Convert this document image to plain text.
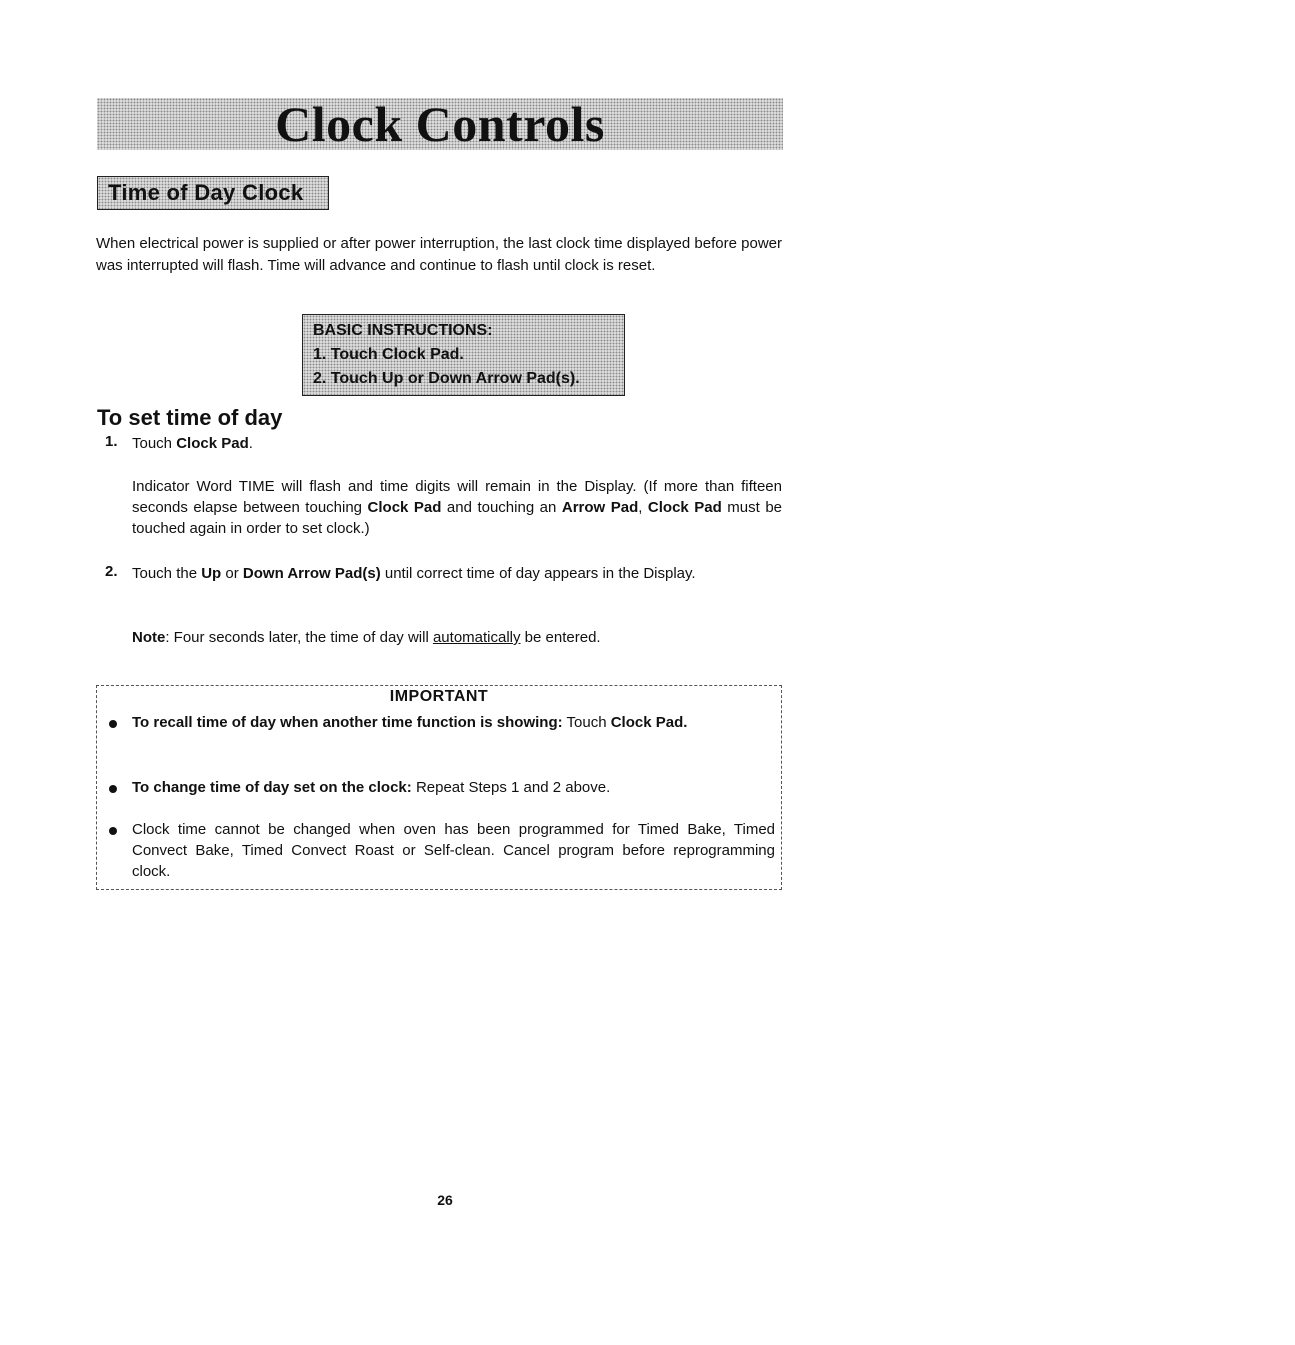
Clock Controls
Time of Day Clock

When electrical power is supplied or after power interruption, the last clock time displayed before power was interrupted will flash. Time will advance and continue to flash until clock is reset.

BASIC INSTRUCTIONS:
1. Touch Clock Pad.
2. Touch Up or Down Arrow Pad(s).
To set time of day
1. Touch Clock Pad.

Indicator Word TIME will flash and time digits will remain in the Display. (If more than fifteen seconds elapse between touching Clock Pad and touching an Arrow Pad, Clock Pad must be touched again in order to set clock.)

2. Touch the Up or Down Arrow Pad(s) until correct time of day appears in the Display.

Note: Four seconds later, the time of day will automatically be entered.

IMPORTANT

To recall time of day when another time function is showing: Touch Clock Pad.

To change time of day set on the clock: Repeat Steps 1 and 2 above.

Clock time cannot be changed when oven has been programmed for Timed Bake, Timed Convect Bake, Timed Convect Roast or Self-clean. Cancel program before reprogramming clock.

26
